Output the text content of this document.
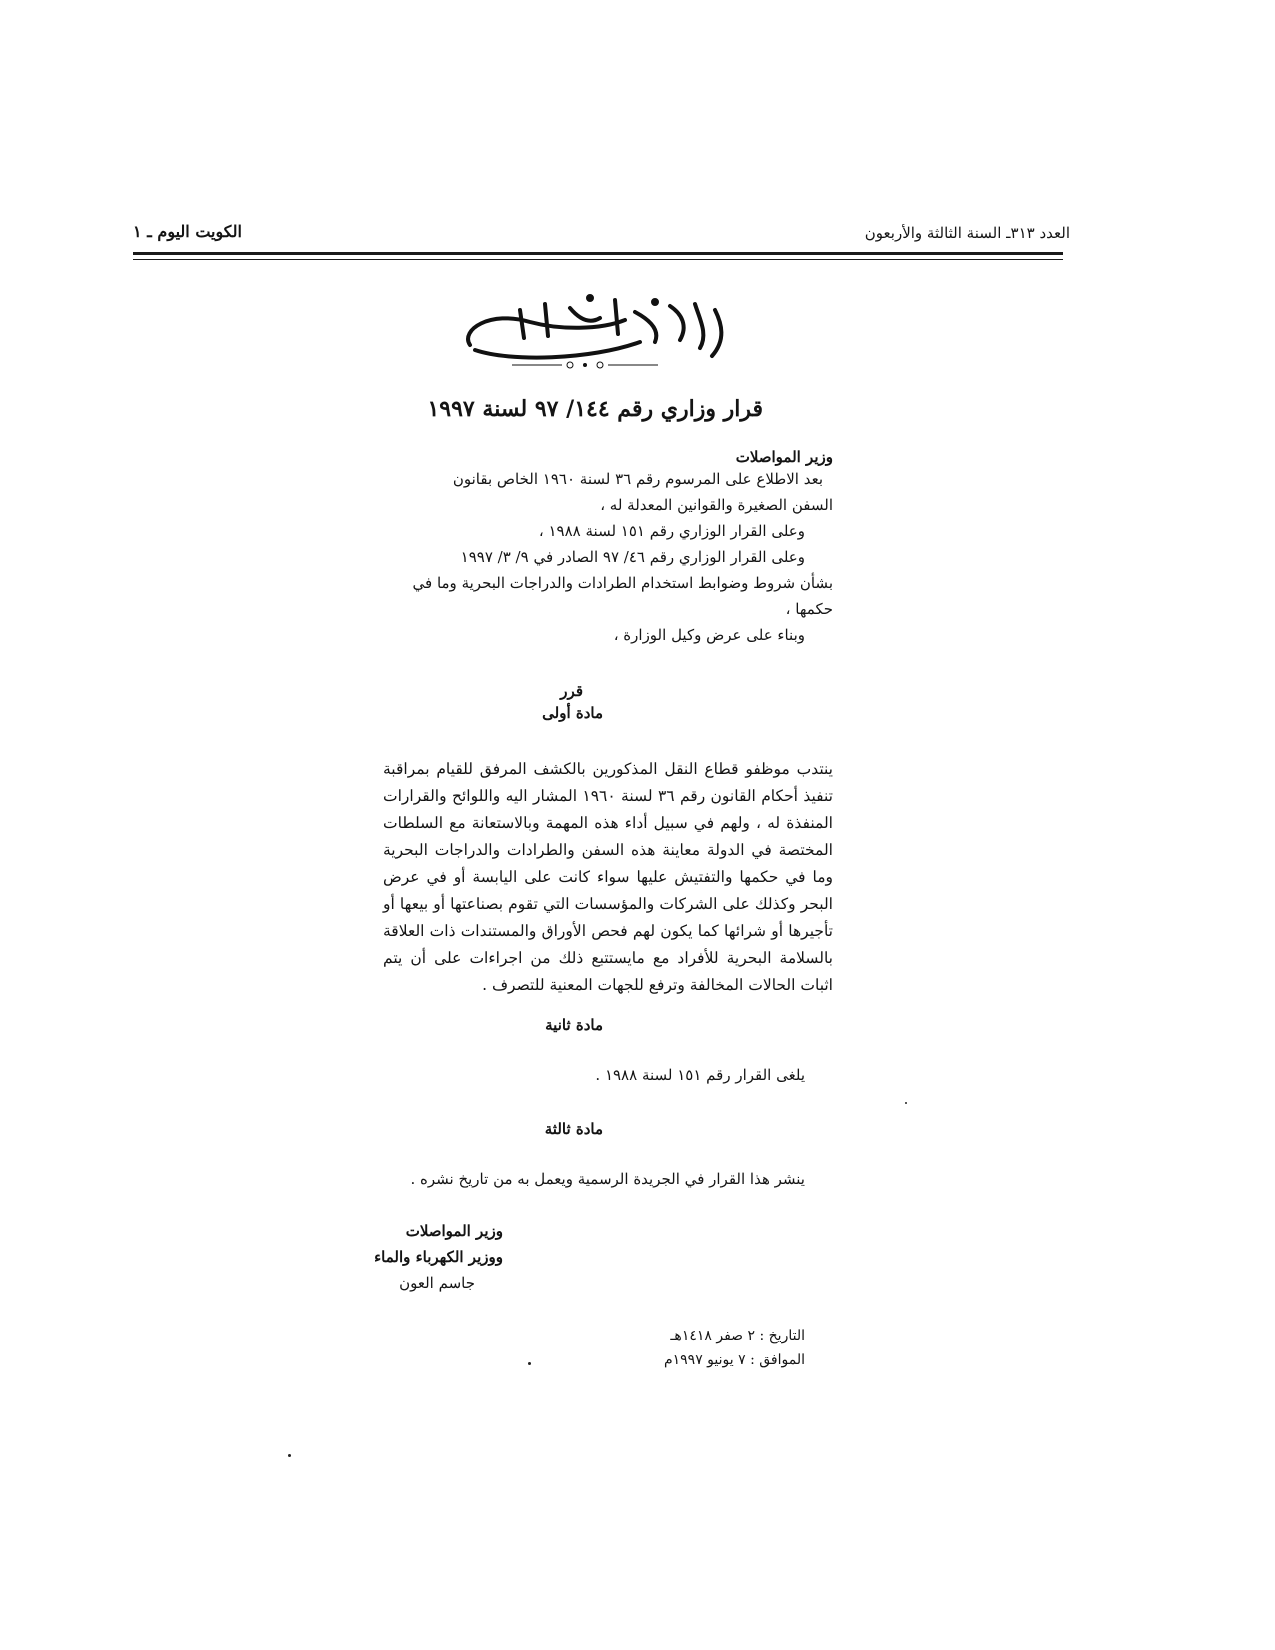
العدد ٣١٣ـ السنة الثالثة والأربعون
الكويت اليوم ـ ١
قرار وزاري رقم ١٤٤/ ٩٧ لسنة ١٩٩٧
وزير المواصلات
بعد الاطلاع على المرسوم رقم ٣٦ لسنة ١٩٦٠ الخاص بقانون
السفن الصغيرة والقوانين المعدلة له ،
وعلى القرار الوزاري رقم ١٥١ لسنة ١٩٨٨ ،
وعلى القرار الوزاري رقم ٤٦/ ٩٧ الصادر في ٩/ ٣/ ١٩٩٧
بشأن شروط وضوابط استخدام الطرادات والدراجات البحرية وما في
حكمها ،
وبناء على عرض وكيل الوزارة ،
قرر
مادة أولى
ينتدب موظفو قطاع النقل المذكورين بالكشف المرفق للقيام بمراقبة تنفيذ أحكام القانون رقم ٣٦ لسنة ١٩٦٠ المشار اليه واللوائح والقرارات المنفذة له ، ولهم في سبيل أداء هذه المهمة وبالاستعانة مع السلطات المختصة في الدولة معاينة هذه السفن والطرادات والدراجات البحرية وما في حكمها والتفتيش عليها سواء كانت على اليابسة أو في عرض البحر وكذلك على الشركات والمؤسسات التي تقوم بصناعتها أو بيعها أو تأجيرها أو شرائها كما يكون لهم فحص الأوراق والمستندات ذات العلاقة بالسلامة البحرية للأفراد مع مايستتبع ذلك من اجراءات على أن يتم اثبات الحالات المخالفة وترفع للجهات المعنية للتصرف .
مادة ثانية
يلغى القرار رقم ١٥١ لسنة ١٩٨٨ .
مادة ثالثة
ينشر هذا القرار في الجريدة الرسمية ويعمل به من تاريخ نشره .
وزير المواصلات
ووزير الكهرباء والماء
جاسم العون
التاريخ : ٢ صفر ١٤١٨هـ
الموافق : ٧ يونيو ١٩٩٧م
